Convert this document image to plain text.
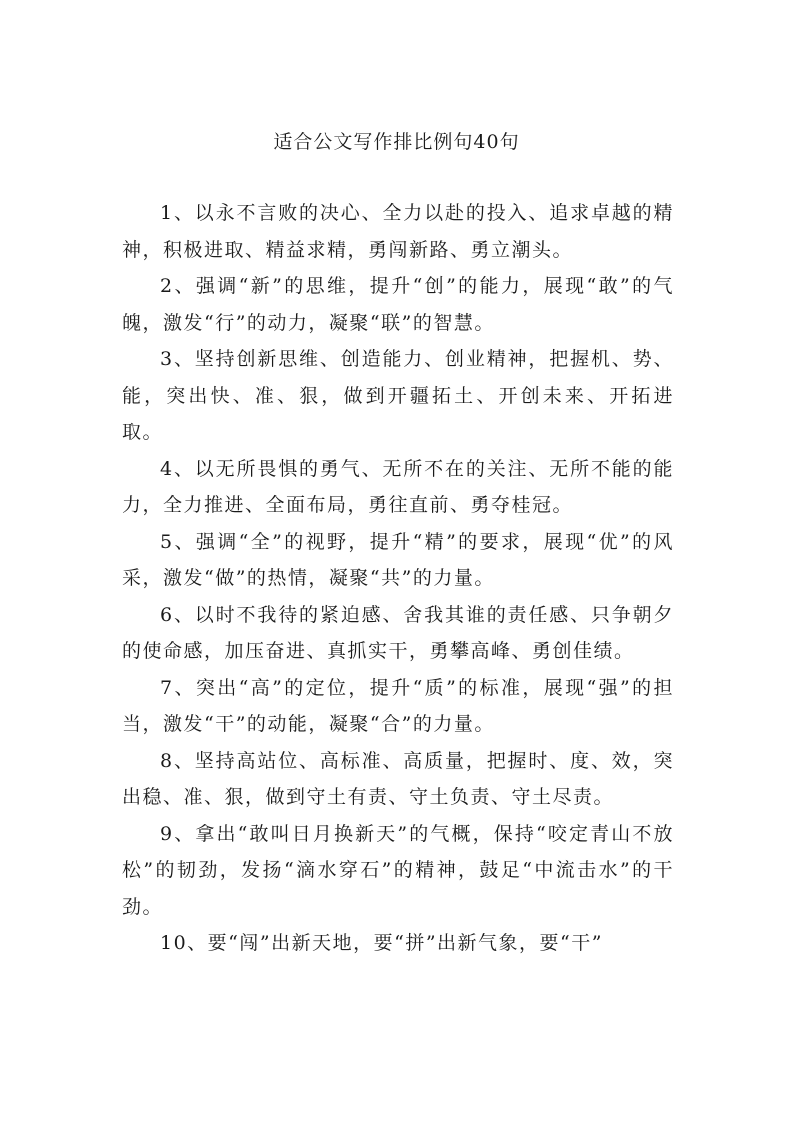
适合公文写作排比例句40句

1、以永不言败的决心、全力以赴的投入、追求卓越的精神，积极进取、精益求精，勇闯新路、勇立潮头。

2、强调“新”的思维，提升“创”的能力，展现“敢”的气魄，激发“行”的动力，凝聚“联”的智慧。

3、坚持创新思维、创造能力、创业精神，把握机、势、能，突出快、准、狠，做到开疆拓土、开创未来、开拓进取。

4、以无所畏惧的勇气、无所不在的关注、无所不能的能力，全力推进、全面布局，勇往直前、勇夺桂冠。

5、强调“全”的视野，提升“精”的要求，展现“优”的风采，激发“做”的热情，凝聚“共”的力量。

6、以时不我待的紧迫感、舍我其谁的责任感、只争朝夕的使命感，加压奋进、真抓实干，勇攀高峰、勇创佳绩。

7、突出“高”的定位，提升“质”的标准，展现“强”的担当，激发“干”的动能，凝聚“合”的力量。

8、坚持高站位、高标准、高质量，把握时、度、效，突出稳、准、狠，做到守土有责、守土负责、守土尽责。

9、拿出“敢叫日月换新天”的气概，保持“咬定青山不放松”的韧劲，发扬“滴水穿石”的精神，鼓足“中流击水”的干劲。

10、要“闯”出新天地，要“拼”出新气象，要“干”
